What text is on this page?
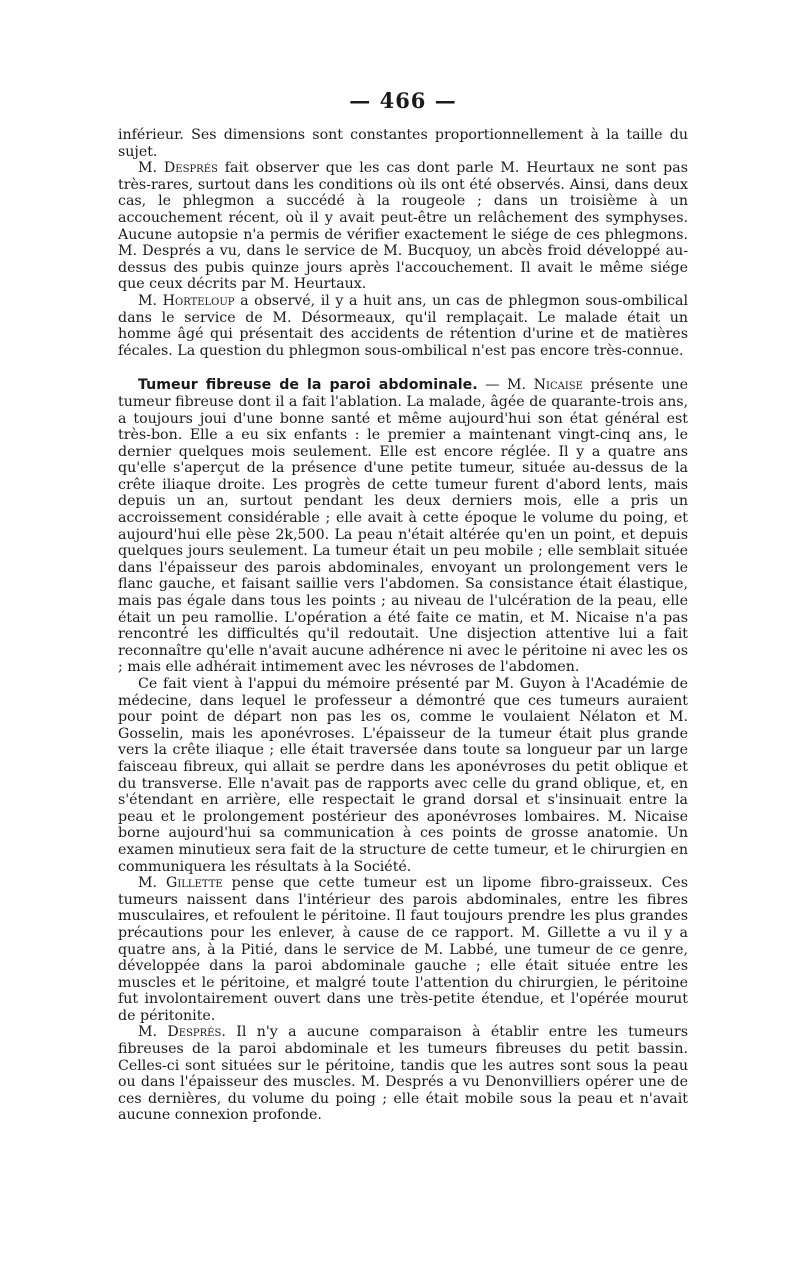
— 466 —

inférieur. Ses dimensions sont constantes proportionnellement à la taille du sujet.

M. Després fait observer que les cas dont parle M. Heurtaux ne sont pas très-rares, surtout dans les conditions où ils ont été observés. Ainsi, dans deux cas, le phlegmon a succédé à la rougeole ; dans un troisième à un accouchement récent, où il y avait peut-être un relâchement des symphyses. Aucune autopsie n'a permis de vérifier exactement le siége de ces phlegmons. M. Després a vu, dans le service de M. Bucquoy, un abcès froid développé au-dessus des pubis quinze jours après l'accouchement. Il avait le même siége que ceux décrits par M. Heurtaux.

M. Horteloup a observé, il y a huit ans, un cas de phlegmon sous-ombilical dans le service de M. Désormeaux, qu'il remplaçait. Le malade était un homme âgé qui présentait des accidents de rétention d'urine et de matières fécales. La question du phlegmon sous-ombilical n'est pas encore très-connue.

Tumeur fibreuse de la paroi abdominale. — M. Nicaise présente une tumeur fibreuse dont il a fait l'ablation. La malade, âgée de quarante-trois ans, a toujours joui d'une bonne santé et même aujourd'hui son état général est très-bon. Elle a eu six enfants : le premier a maintenant vingt-cinq ans, le dernier quelques mois seulement. Elle est encore réglée. Il y a quatre ans qu'elle s'aperçut de la présence d'une petite tumeur, située au-dessus de la crête iliaque droite. Les progrès de cette tumeur furent d'abord lents, mais depuis un an, surtout pendant les deux derniers mois, elle a pris un accroissement considérable ; elle avait à cette époque le volume du poing, et aujourd'hui elle pèse 2k,500. La peau n'était altérée qu'en un point, et depuis quelques jours seulement. La tumeur était un peu mobile ; elle semblait située dans l'épaisseur des parois abdominales, envoyant un prolongement vers le flanc gauche, et faisant saillie vers l'abdomen. Sa consistance était élastique, mais pas égale dans tous les points ; au niveau de l'ulcération de la peau, elle était un peu ramollie. L'opération a été faite ce matin, et M. Nicaise n'a pas rencontré les difficultés qu'il redoutait. Une disjection attentive lui a fait reconnaître qu'elle n'avait aucune adhérence ni avec le péritoine ni avec les os ; mais elle adhérait intimement avec les névroses de l'abdomen.

Ce fait vient à l'appui du mémoire présenté par M. Guyon à l'Académie de médecine, dans lequel le professeur a démontré que ces tumeurs auraient pour point de départ non pas les os, comme le voulaient Nélaton et M. Gosselin, mais les aponévroses. L'épaisseur de la tumeur était plus grande vers la crête iliaque ; elle était traversée dans toute sa longueur par un large faisceau fibreux, qui allait se perdre dans les aponévroses du petit oblique et du transverse. Elle n'avait pas de rapports avec celle du grand oblique, et, en s'étendant en arrière, elle respectait le grand dorsal et s'insinuait entre la peau et le prolongement postérieur des aponévroses lombaires. M. Nicaise borne aujourd'hui sa communication à ces points de grosse anatomie. Un examen minutieux sera fait de la structure de cette tumeur, et le chirurgien en communiquera les résultats à la Société.

M. Gillette pense que cette tumeur est un lipome fibro-graisseux. Ces tumeurs naissent dans l'intérieur des parois abdominales, entre les fibres musculaires, et refoulent le péritoine. Il faut toujours prendre les plus grandes précautions pour les enlever, à cause de ce rapport. M. Gillette a vu il y a quatre ans, à la Pitié, dans le service de M. Labbé, une tumeur de ce genre, développée dans la paroi abdominale gauche ; elle était située entre les muscles et le péritoine, et malgré toute l'attention du chirurgien, le péritoine fut involontairement ouvert dans une très-petite étendue, et l'opérée mourut de péritonite.

M. Després. Il n'y a aucune comparaison à établir entre les tumeurs fibreuses de la paroi abdominale et les tumeurs fibreuses du petit bassin. Celles-ci sont situées sur le péritoine, tandis que les autres sont sous la peau ou dans l'épaisseur des muscles. M. Després a vu Denonvilliers opérer une de ces dernières, du volume du poing ; elle était mobile sous la peau et n'avait aucune connexion profonde.
